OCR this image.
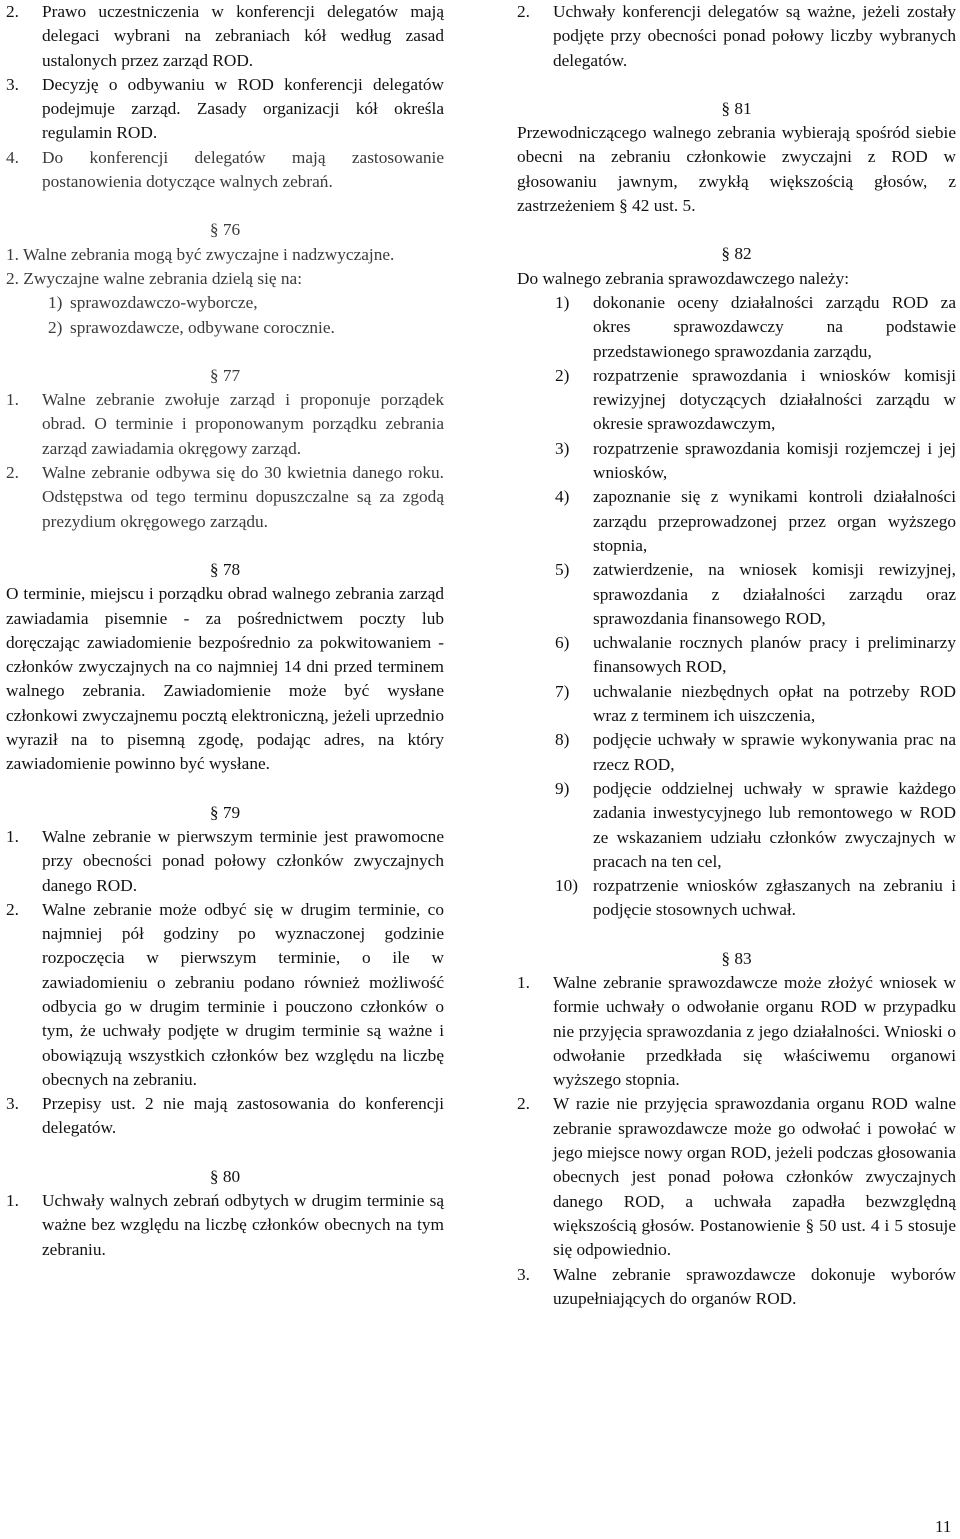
2.	Prawo uczestniczenia w konferencji delegatów mają delegaci wybrani na zebraniach kół według zasad ustalonych przez zarząd ROD.
3.	Decyzję o odbywaniu w ROD konferencji delegatów podejmuje zarząd. Zasady organizacji kół określa regulamin ROD.
4.	Do konferencji delegatów mają zastosowanie postanowienia dotyczące walnych zebrań.
§ 76
1. Walne zebrania mogą być zwyczajne i nadzwyczajne.
2. Zwyczajne walne zebrania dzielą się na:
1) sprawozdawczo-wyborcze,
2) sprawozdawcze, odbywane corocznie.
§ 77
1.	Walne zebranie zwołuje zarząd i proponuje porządek obrad. O terminie i proponowanym porządku zebrania zarząd zawiadamia okręgowy zarząd.
2.	Walne zebranie odbywa się do 30 kwietnia danego roku. Odstępstwa od tego terminu dopuszczalne są za zgodą prezydium okręgowego zarządu.
§ 78
O terminie, miejscu i porządku obrad walnego zebrania zarząd zawiadamia pisemnie - za pośrednictwem poczty lub doręczając zawiadomienie bezpośrednio za pokwitowaniem - członków zwyczajnych na co najmniej 14 dni przed terminem walnego zebrania. Zawiadomienie może być wysłane członkowi zwyczajnemu pocztą elektroniczną, jeżeli uprzednio wyraził na to pisemną zgodę, podając adres, na który zawiadomienie powinno być wysłane.
§ 79
1.	Walne zebranie w pierwszym terminie jest prawomocne przy obecności ponad połowy członków zwyczajnych danego ROD.
2.	Walne zebranie może odbyć się w drugim terminie, co najmniej pół godziny po wyznaczonej godzinie rozpoczęcia w pierwszym terminie, o ile w zawiadomieniu o zebraniu podano również możliwość odbycia go w drugim terminie i pouczono członków o tym, że uchwały podjęte w drugim terminie są ważne i obowiązują wszystkich członków bez względu na liczbę obecnych na zebraniu.
3.	Przepisy ust. 2 nie mają zastosowania do konferencji delegatów.
§ 80
1.	Uchwały walnych zebrań odbytych w drugim terminie są ważne bez względu na liczbę członków obecnych na tym zebraniu.
2.	Uchwały konferencji delegatów są ważne, jeżeli zostały podjęte przy obecności ponad połowy liczby wybranych delegatów.
§ 81
Przewodniczącego walnego zebrania wybierają spośród siebie obecni na zebraniu członkowie zwyczajni z ROD w głosowaniu jawnym, zwykłą większością głosów, z zastrzeżeniem § 42 ust. 5.
§ 82
Do walnego zebrania sprawozdawczego należy:
1)	dokonanie oceny działalności zarządu ROD za okres sprawozdawczy na podstawie przedstawionego sprawozdania zarządu,
2)	rozpatrzenie sprawozdania i wniosków komisji rewizyjnej dotyczących działalności zarządu w okresie sprawozdawczym,
3)	rozpatrzenie sprawozdania komisji rozjemczej i jej wniosków,
4)	zapoznanie się z wynikami kontroli działalności zarządu przeprowadzonej przez organ wyższego stopnia,
5)	zatwierdzenie, na wniosek komisji rewizyjnej, sprawozdania z działalności zarządu oraz sprawozdania finansowego ROD,
6)	uchwalanie rocznych planów pracy i preliminarzy finansowych ROD,
7)	uchwalanie niezbędnych opłat na potrzeby ROD wraz z terminem ich uiszczenia,
8)	podjęcie uchwały w sprawie wykonywania prac na rzecz ROD,
9)	podjęcie oddzielnej uchwały w sprawie każdego zadania inwestycyjnego lub remontowego w ROD ze wskazaniem udziału członków zwyczajnych w pracach na ten cel,
10) rozpatrzenie wniosków zgłaszanych na zebraniu i podjęcie stosownych uchwał.
§ 83
1.	Walne zebranie sprawozdawcze może złożyć wniosek w formie uchwały o odwołanie organu ROD w przypadku nie przyjęcia sprawozdania z jego działalności. Wnioski o odwołanie przedkłada się właściwemu organowi wyższego stopnia.
2.	W razie nie przyjęcia sprawozdania organu ROD walne zebranie sprawozdawcze może go odwołać i powołać w jego miejsce nowy organ ROD, jeżeli podczas głosowania obecnych jest ponad połowa członków zwyczajnych danego ROD, a uchwała zapadła bezwzględną większością głosów. Postanowienie § 50 ust. 4 i 5 stosuje się odpowiednio.
3.	Walne zebranie sprawozdawcze dokonuje wyborów uzupełniających do organów ROD.
11
